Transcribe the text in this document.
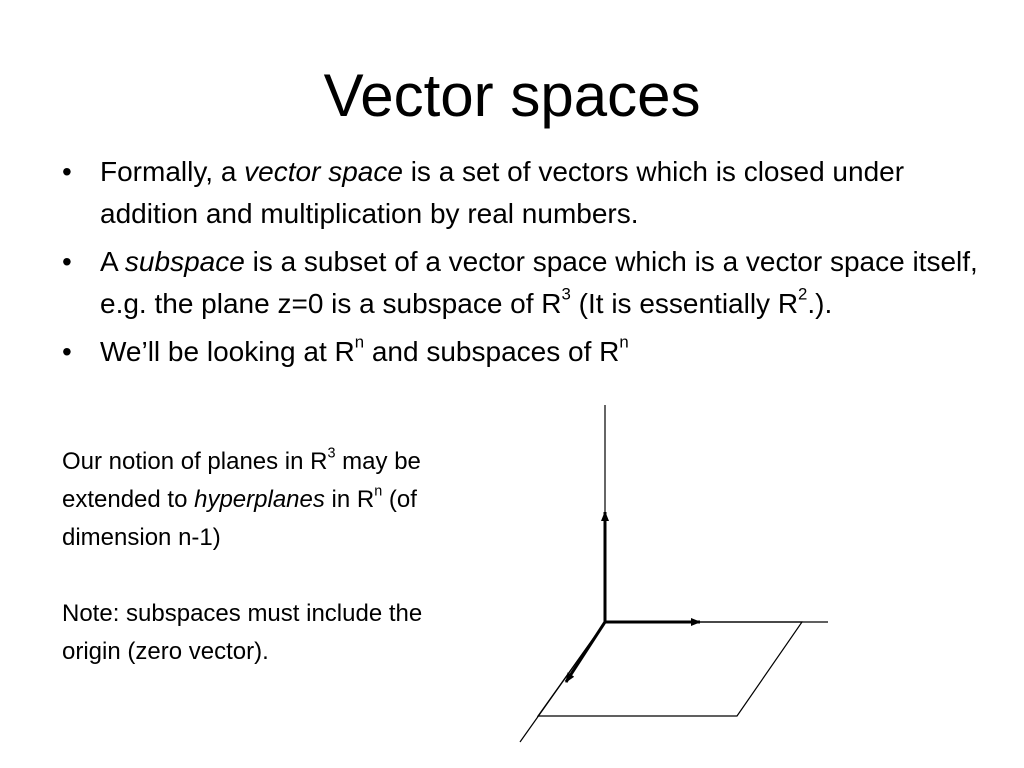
Vector spaces
• Formally, a vector space is a set of vectors which is closed under addition and multiplication by real numbers.
• A subspace is a subset of a vector space which is a vector space itself, e.g. the plane z=0 is a subspace of $R^3$ (It is essentially $R^2$.).
• We’ll be looking at $R^n$ and subspaces of $R^n$

Our notion of planes in $R^3$ may be extended to hyperplanes in $R^n$ (of dimension n-1)

Note: subspaces must include the origin (zero vector).
